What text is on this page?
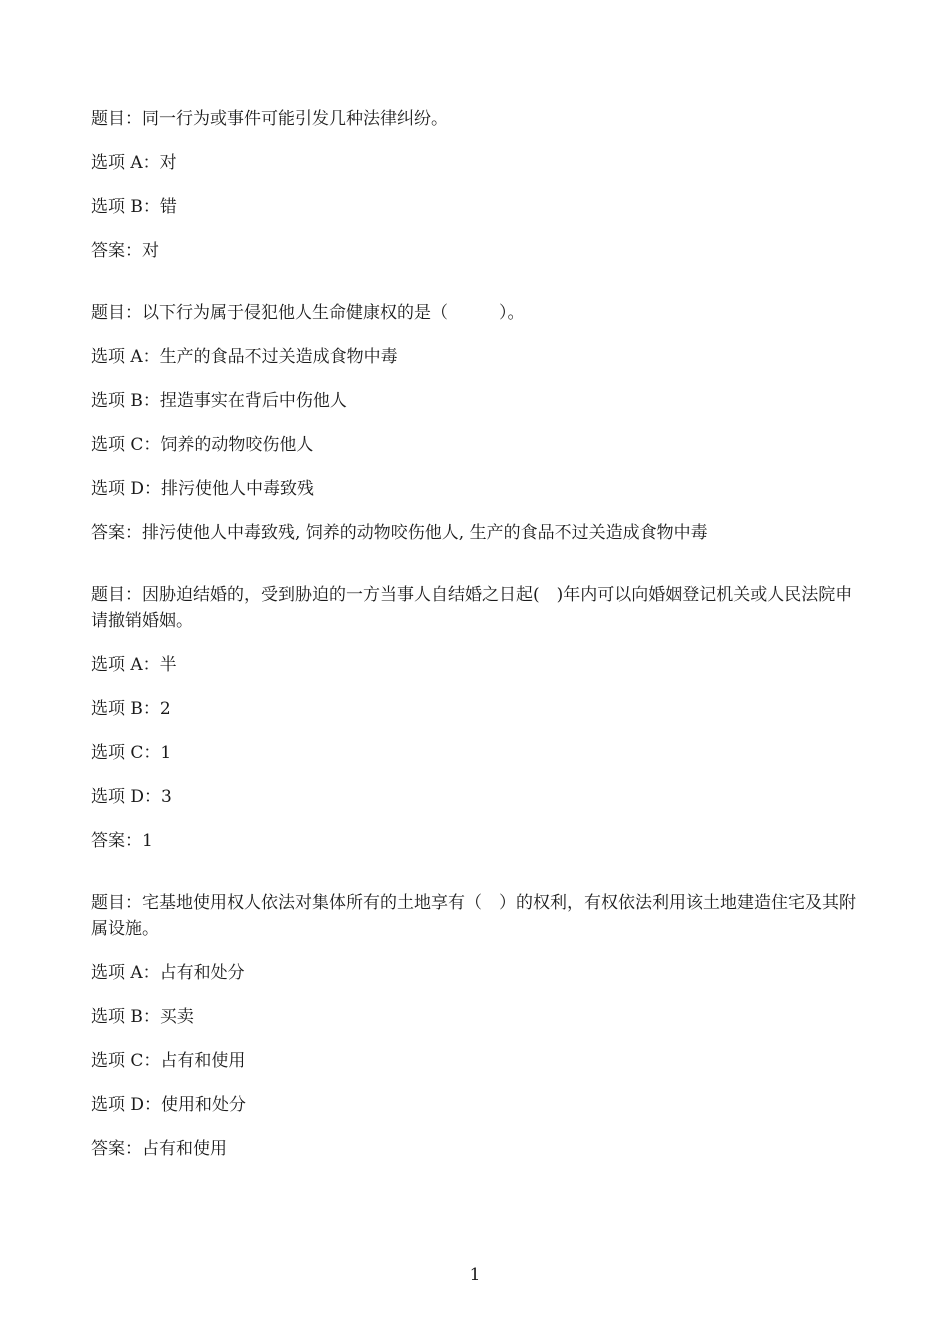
题目：同一行为或事件可能引发几种法律纠纷。

选项 A：对

选项 B：错

答案：对

题目：以下行为属于侵犯他人生命健康权的是（　　　）。

选项 A：生产的食品不过关造成食物中毒

选项 B：捏造事实在背后中伤他人

选项 C：饲养的动物咬伤他人

选项 D：排污使他人中毒致残

答案：排污使他人中毒致残, 饲养的动物咬伤他人, 生产的食品不过关造成食物中毒

题目：因胁迫结婚的，受到胁迫的一方当事人自结婚之日起(　)年内可以向婚姻登记机关或人民法院申请撤销婚姻。

选项 A：半

选项 B：2

选项 C：1

选项 D：3

答案：1

题目：宅基地使用权人依法对集体所有的土地享有（　）的权利，有权依法利用该土地建造住宅及其附属设施。

选项 A：占有和处分

选项 B：买卖

选项 C：占有和使用

选项 D：使用和处分

答案：占有和使用

1
